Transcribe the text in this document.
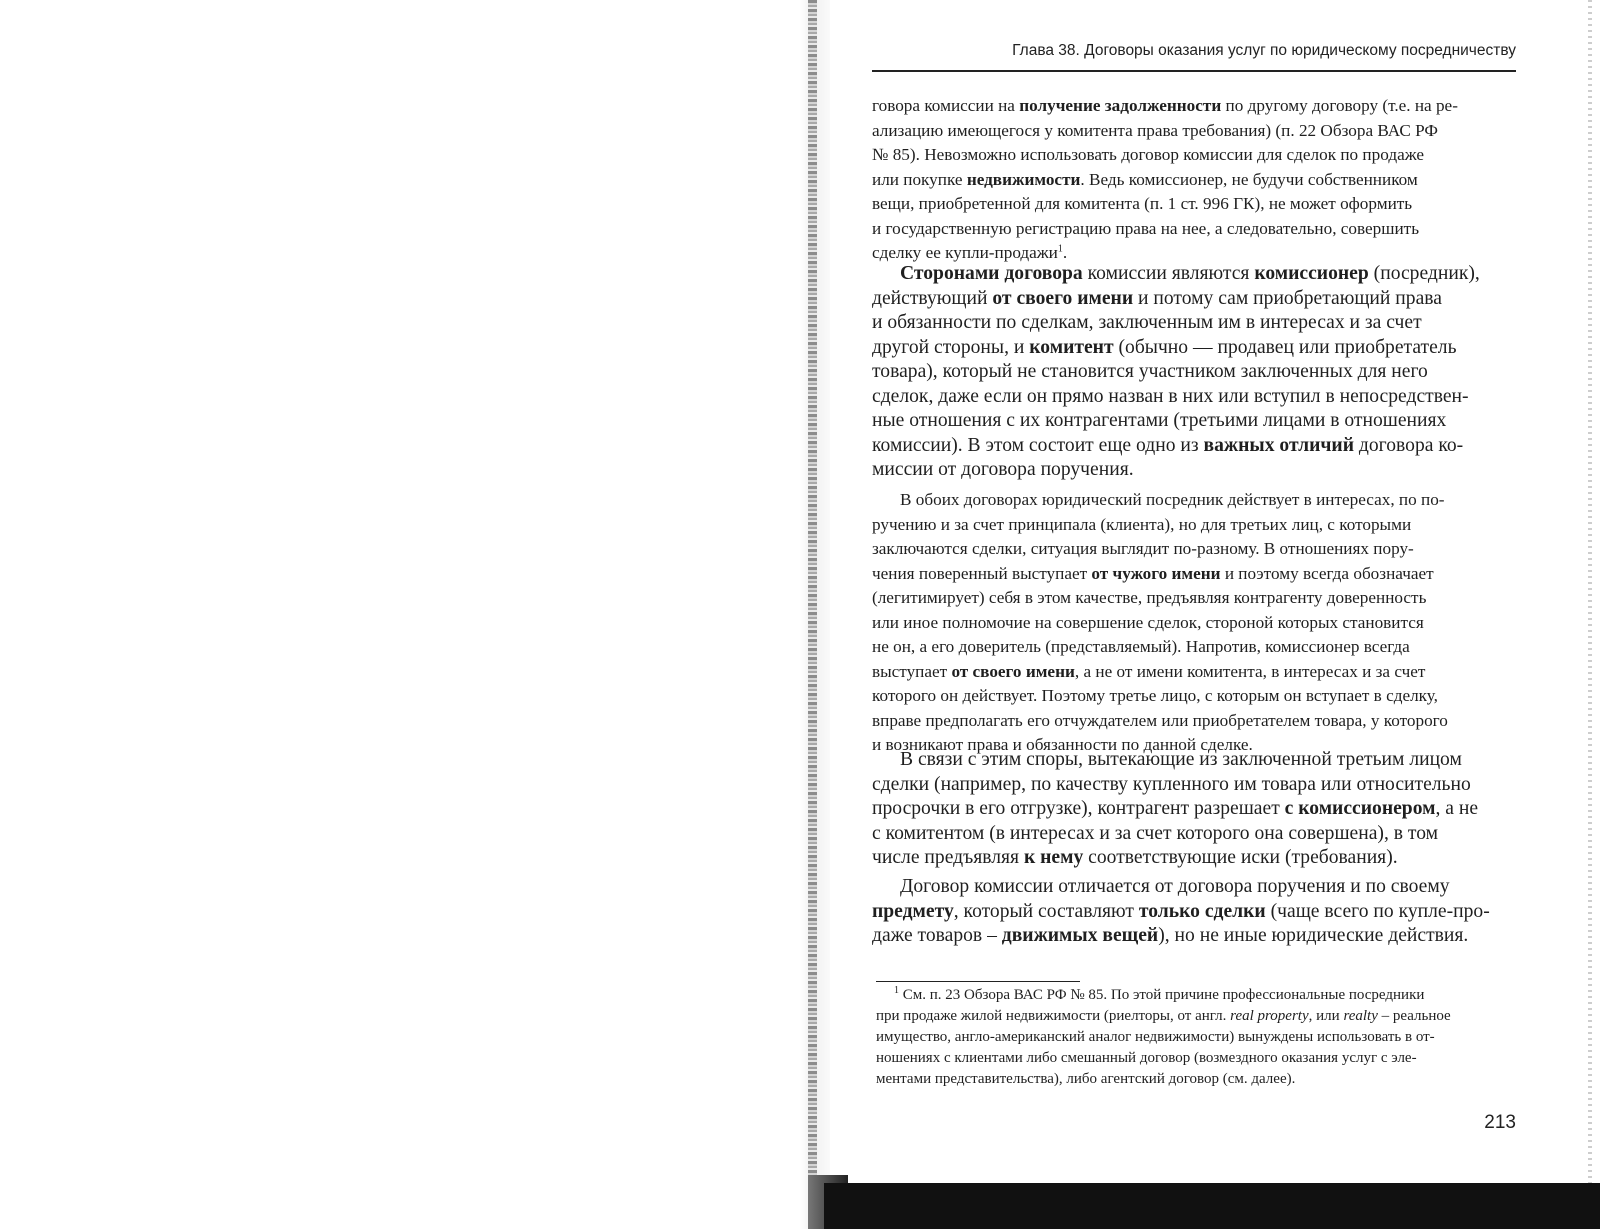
Глава 38. Договоры оказания услуг по юридическому посредничеству
говора комиссии на получение задолженности по другому договору (т.е. на ре-
ализацию имеющегося у комитента права требования) (п. 22 Обзора ВАС РФ
№ 85). Невозможно использовать договор комиссии для сделок по продаже
или покупке недвижимости. Ведь комиссионер, не будучи собственником
вещи, приобретенной для комитента (п. 1 ст. 996 ГК), не может оформить
и государственную регистрацию права на нее, а следовательно, совершить
сделку ее купли-продажи$^1$.
Сторонами договора комиссии являются комиссионер (посредник),
действующий от своего имени и потому сам приобретающий права
и обязанности по сделкам, заключенным им в интересах и за счет
другой стороны, и комитент (обычно — продавец или приобретатель
товара), который не становится участником заключенных для него
сделок, даже если он прямо назван в них или вступил в непосредствен-
ные отношения с их контрагентами (третьими лицами в отношениях
комиссии). В этом состоит еще одно из важных отличий договора ко-
миссии от договора поручения.
В обоих договорах юридический посредник действует в интересах, по по-
ручению и за счет принципала (клиента), но для третьих лиц, с которыми
заключаются сделки, ситуация выглядит по-разному. В отношениях пору-
чения поверенный выступает от чужого имени и поэтому всегда обозначает
(легитимирует) себя в этом качестве, предъявляя контрагенту доверенность
или иное полномочие на совершение сделок, стороной которых становится
не он, а его доверитель (представляемый). Напротив, комиссионер всегда
выступает от своего имени, а не от имени комитента, в интересах и за счет
которого он действует. Поэтому третье лицо, с которым он вступает в сделку,
вправе предполагать его отчуждателем или приобретателем товара, у которого
и возникают права и обязанности по данной сделке.
В связи с этим споры, вытекающие из заключенной третьим лицом
сделки (например, по качеству купленного им товара или относительно
просрочки в его отгрузке), контрагент разрешает с комиссионером, а не
с комитентом (в интересах и за счет которого она совершена), в том
числе предъявляя к нему соответствующие иски (требования).
Договор комиссии отличается от договора поручения и по своему
предмету, который составляют только сделки (чаще всего по купле-про-
даже товаров – движимых вещей), но не иные юридические действия.
$^1$ См. п. 23 Обзора ВАС РФ № 85. По этой причине профессиональные посредники
при продаже жилой недвижимости (риелторы, от англ. real property, или realty – реальное
имущество, англо-американский аналог недвижимости) вынуждены использовать в от-
ношениях с клиентами либо смешанный договор (возмездного оказания услуг с эле-
ментами представительства), либо агентский договор (см. далее).
213
